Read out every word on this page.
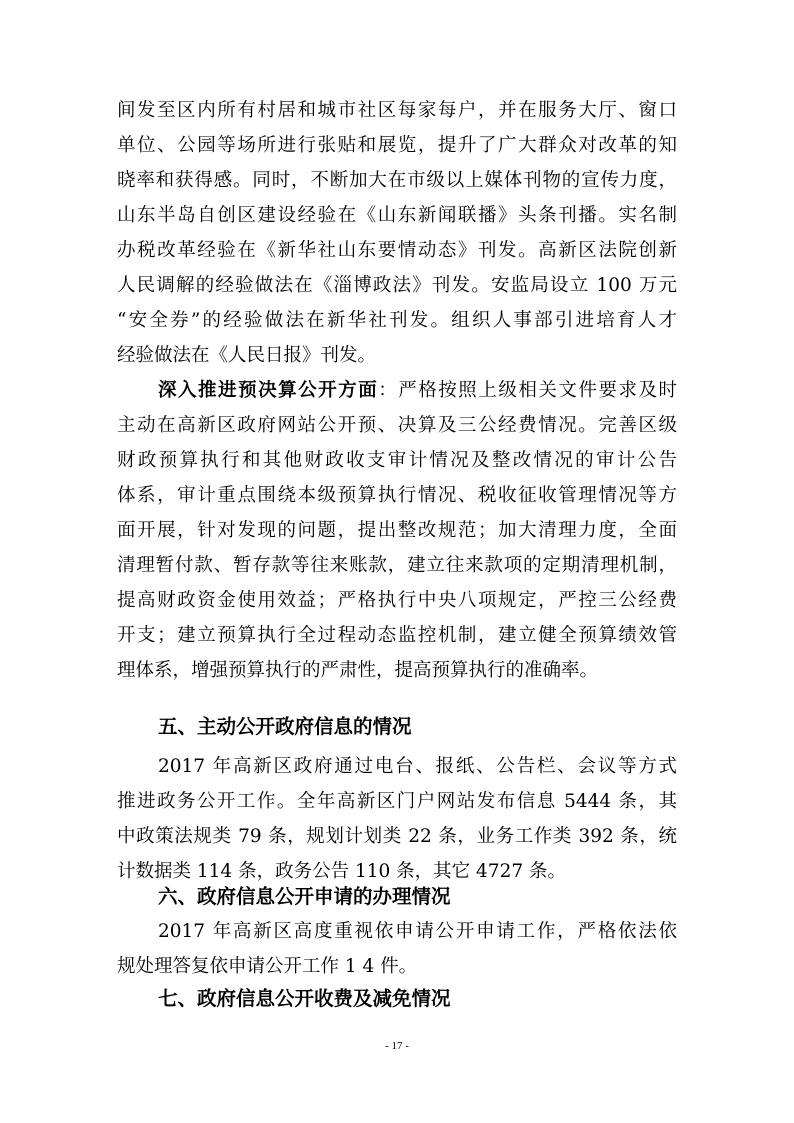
间发至区内所有村居和城市社区每家每户，并在服务大厅、窗口
单位、公园等场所进行张贴和展览，提升了广大群众对改革的知
晓率和获得感。同时，不断加大在市级以上媒体刊物的宣传力度，
山东半岛自创区建设经验在《山东新闻联播》头条刊播。实名制
办税改革经验在《新华社山东要情动态》刊发。高新区法院创新
人民调解的经验做法在《淄博政法》刊发。安监局设立 100 万元
“安全券”的经验做法在新华社刊发。组织人事部引进培育人才
经验做法在《人民日报》刊发。
深入推进预决算公开方面：严格按照上级相关文件要求及时
主动在高新区政府网站公开预、决算及三公经费情况。完善区级
财政预算执行和其他财政收支审计情况及整改情况的审计公告
体系，审计重点围绕本级预算执行情况、税收征收管理情况等方
面开展，针对发现的问题，提出整改规范；加大清理力度，全面
清理暂付款、暂存款等往来账款，建立往来款项的定期清理机制，
提高财政资金使用效益；严格执行中央八项规定，严控三公经费
开支；建立预算执行全过程动态监控机制，建立健全预算绩效管
理体系，增强预算执行的严肃性，提高预算执行的准确率。
五、主动公开政府信息的情况
2017 年高新区政府通过电台、报纸、公告栏、会议等方式
推进政务公开工作。全年高新区门户网站发布信息 5444 条，其
中政策法规类 79 条，规划计划类 22 条，业务工作类 392 条，统
计数据类 114 条，政务公告 110 条，其它 4727 条。
六、政府信息公开申请的办理情况
2017 年高新区高度重视依申请公开申请工作，严格依法依
规处理答复依申请公开工作 1 4 件。
七、政府信息公开收费及减免情况
- 17 -
